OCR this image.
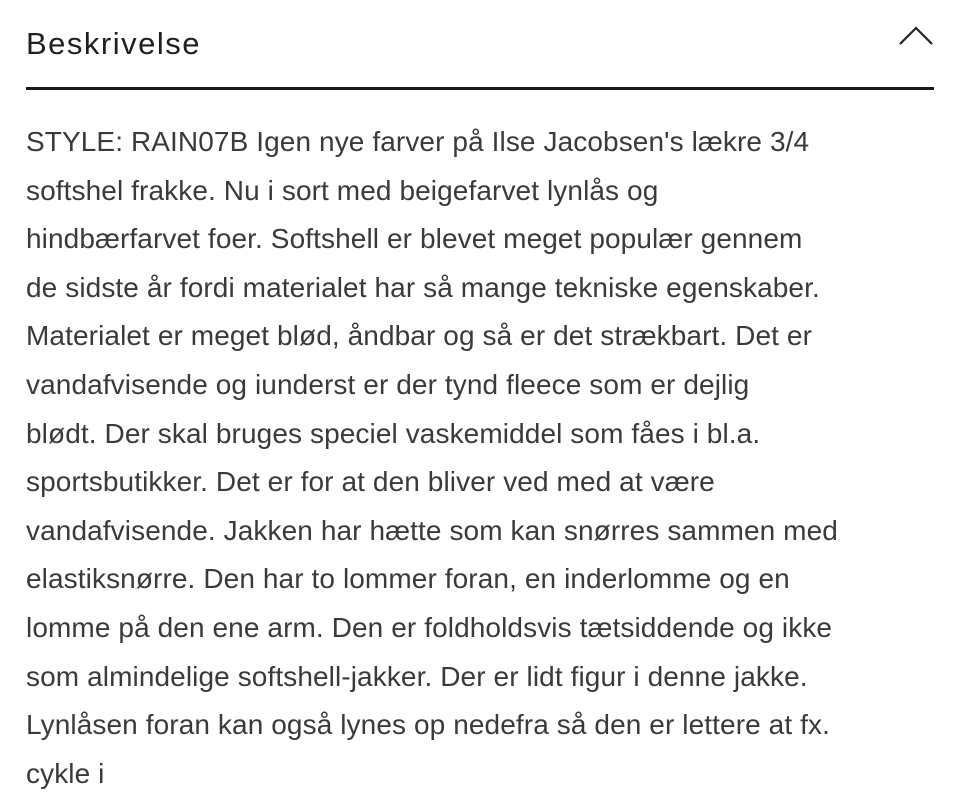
Beskrivelse
STYLE: RAIN07B Igen nye farver på Ilse Jacobsen's lækre 3/4
softshel frakke. Nu i sort med beigefarvet lynlås og
hindbærfarvet foer. Softshell er blevet meget populær gennem
de sidste år fordi materialet har så mange tekniske egenskaber.
Materialet er meget blød, åndbar og så er det strækbart. Det er
vandafvisende og iunderst er der tynd fleece som er dejlig
blødt. Der skal bruges speciel vaskemiddel som fåes i bl.a.
sportsbutikker. Det er for at den bliver ved med at være
vandafvisende. Jakken har hætte som kan snørres sammen med
elastiksnørre. Den har to lommer foran, en inderlomme og en
lomme på den ene arm. Den er foldholdsvis tætsiddende og ikke
som almindelige softshell-jakker. Der er lidt figur i denne jakke.
Lynlåsen foran kan også lynes op nedefra så den er lettere at fx.
cykle i
